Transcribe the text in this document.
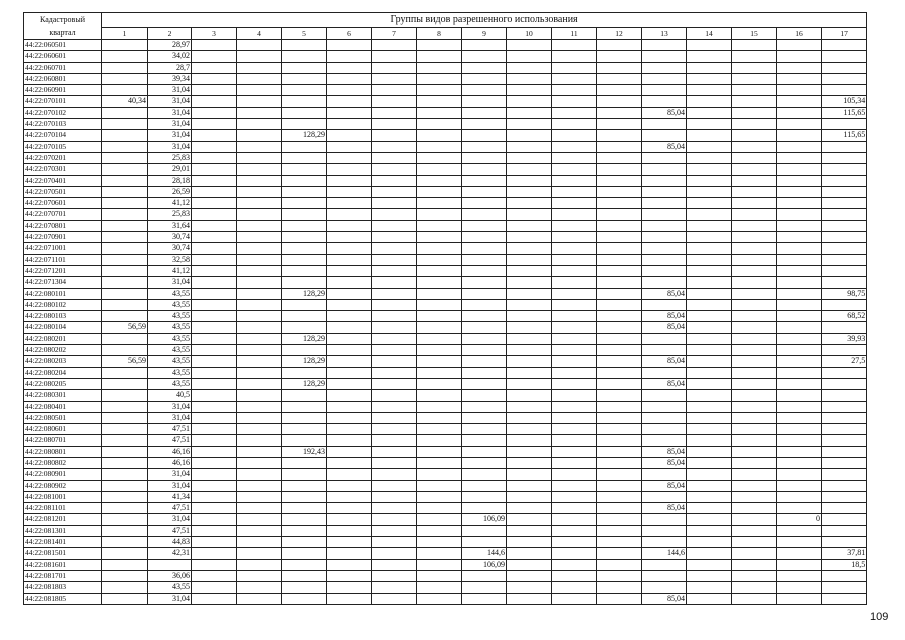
Кадастровый
квартал	Группы видов разрешенного использования																
	1	2	3	4	5	6	7	8	9	10	11	12	13	14	15	16	17
44:22:060501		28,97															
44:22:060601		34,02															
44:22:060701		28,7															
44:22:060801		39,34															
44:22:060901		31,04															
44:22:070101	40,34	31,04															105,34
44:22:070102		31,04											85,04				115,65
44:22:070103		31,04															
44:22:070104		31,04			128,29												115,65
44:22:070105		31,04											85,04				
44:22:070201		25,83															
44:22:070301		29,01															
44:22:070401		28,18															
44:22:070501		26,59															
44:22:070601		41,12															
44:22:070701		25,83															
44:22:070801		31,64															
44:22:070901		30,74															
44:22:071001		30,74															
44:22:071101		32,58															
44:22:071201		41,12															
44:22:071304		31,04															
44:22:080101		43,55			128,29								85,04				98,75
44:22:080102		43,55															
44:22:080103		43,55											85,04				68,52
44:22:080104	56,59	43,55											85,04				
44:22:080201		43,55			128,29												39,93
44:22:080202		43,55															
44:22:080203	56,59	43,55			128,29								85,04				27,5
44:22:080204		43,55															
44:22:080205		43,55			128,29								85,04				
44:22:080301		40,5															
44:22:080401		31,04															
44:22:080501		31,04															
44:22:080601		47,51															
44:22:080701		47,51															
44:22:080801		46,16			192,43								85,04				
44:22:080802		46,16											85,04				
44:22:080901		31,04															
44:22:080902		31,04											85,04				
44:22:081001		41,34															
44:22:081101		47,51											85,04				
44:22:081201		31,04							106,09							0	
44:22:081301		47,51															
44:22:081401		44,83															
44:22:081501		42,31							144,6				144,6				37,81
44:22:081601									106,09								18,5
44:22:081701		36,06															
44:22:081803		43,55															
44:22:081805		31,04											85,04				
109
